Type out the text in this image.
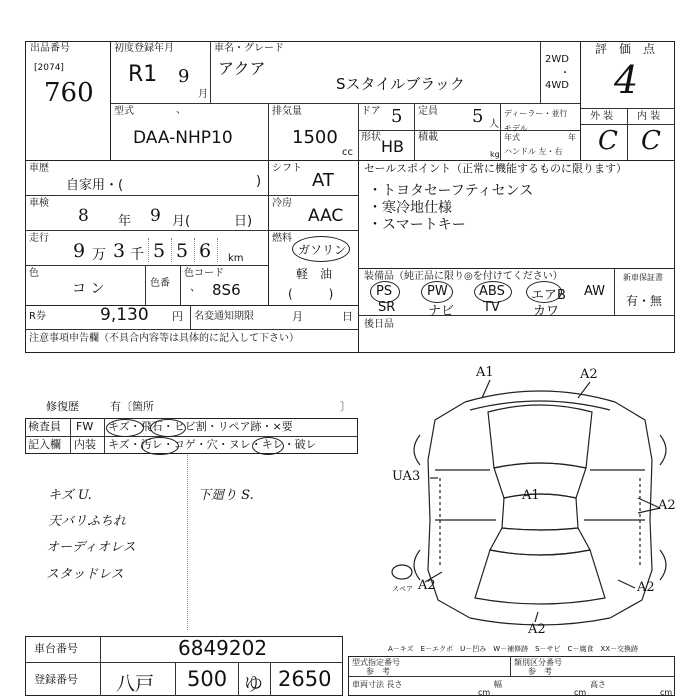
出品番号
[2074]
760
初度登録年月
R1 9
月
車名・グレード
アクア
Sスタイルブラック
2WD
・
4WD
評　価　点
4
外 装 内 装
C C
型式	、
DAA-NHP10
排気量
1500
cc
ドア 5
形状 HB
定員 5 人
積載
kg
ディーラー・並行
モデル年式	年
ハンドル 左・右
車歴
自家用・(	)
シフト
AT
車検
8 年 9 月(	日)
冷房
AAC
走行
9 万 3 千 5 5 6 km
燃料
ガソリン
軽　油
(　　　)
色
コ ン	色番
色コード
、 8S6
R券	9,130 円 名変通知期限	月	日
注意事項申告欄（不具合内容等は具体的に記入して下さい）
セールスポイント（正常に機能するものに限ります）
・トヨタセーフティセンス
・寒冷地仕様
・スマートキー
装備品（純正品に限り◎を付けてください）	新車保証書
有・無
PS	PW ABS エアB AW
SR	ナビ TV	カワ
後日品
修復歴	有〔箇所	〕
検査員 FW キズ・飛石・ヒビ割・リペア跡・×要
記入欄 内装 キズ・汚レ・コゲ・穴・ヌレ・キレ・破レ
キズ U.
天バリふちれ
オーディオレス
スタッドレス
下廻り S.
A1	A2
UA3
A1
A2
A2	A2
A2
スペア
A－キズ　E－エクボ　U－凹み　W－補修跡　S－サビ　C－腐食　XX－交換跡
車台番号	6849202
登録番号 八戸 500 ゆ 2650
型式指定番号
参　考
類別区分番号
参　考
車両寸法 長さ
cm
幅
cm
高さ
cm
